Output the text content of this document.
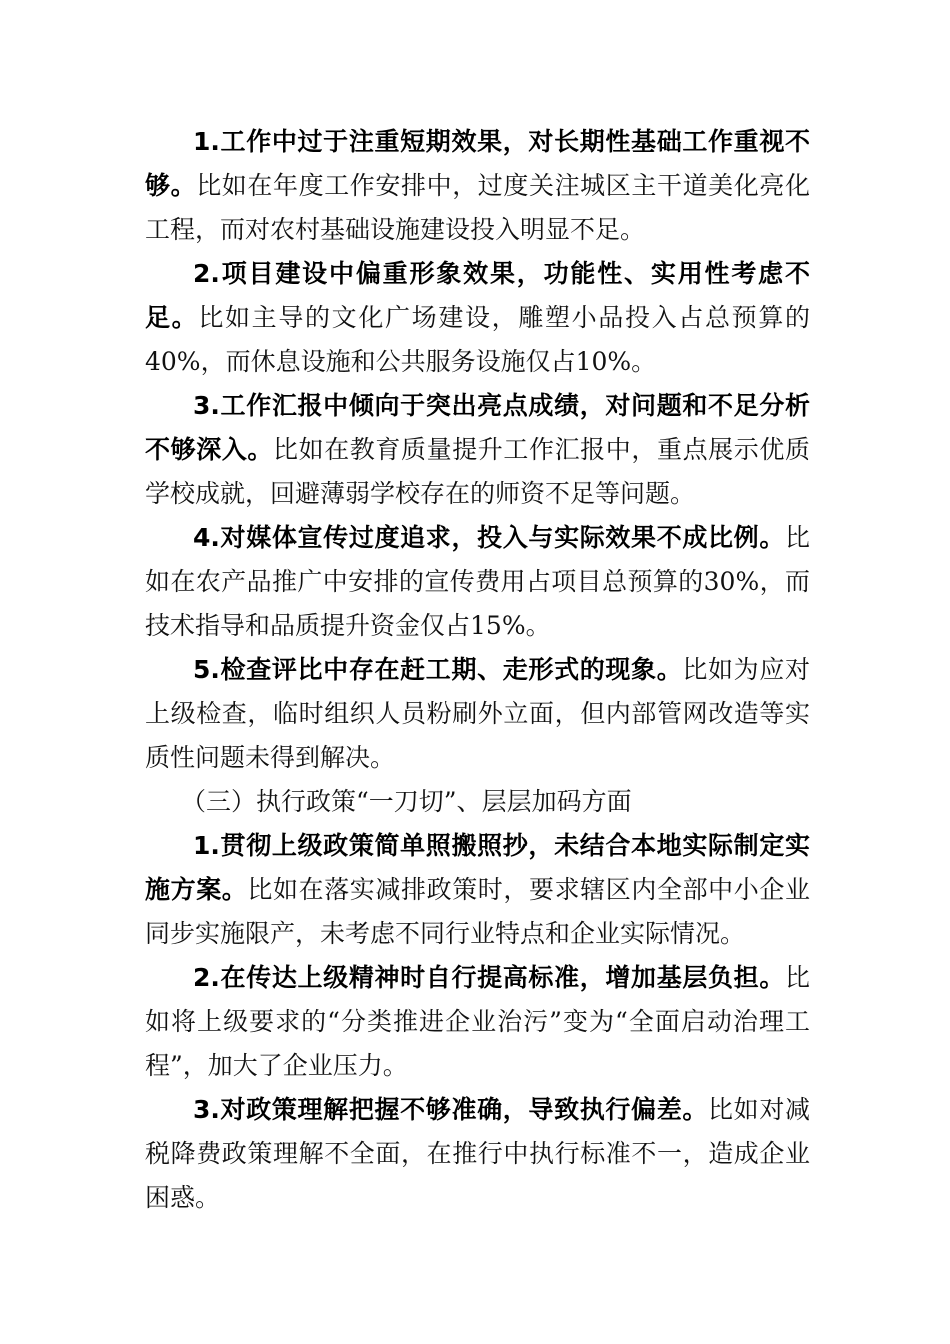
1.工作中过于注重短期效果，对长期性基础工作重视不够。比如在年度工作安排中，过度关注城区主干道美化亮化工程，而对农村基础设施建设投入明显不足。

2.项目建设中偏重形象效果，功能性、实用性考虑不足。比如主导的文化广场建设，雕塑小品投入占总预算的40%，而休息设施和公共服务设施仅占10%。

3.工作汇报中倾向于突出亮点成绩，对问题和不足分析不够深入。比如在教育质量提升工作汇报中，重点展示优质学校成就，回避薄弱学校存在的师资不足等问题。

4.对媒体宣传过度追求，投入与实际效果不成比例。比如在农产品推广中安排的宣传费用占项目总预算的30%，而技术指导和品质提升资金仅占15%。

5.检查评比中存在赶工期、走形式的现象。比如为应对上级检查，临时组织人员粉刷外立面，但内部管网改造等实质性问题未得到解决。

（三）执行政策“一刀切”、层层加码方面

1.贯彻上级政策简单照搬照抄，未结合本地实际制定实施方案。比如在落实减排政策时，要求辖区内全部中小企业同步实施限产，未考虑不同行业特点和企业实际情况。

2.在传达上级精神时自行提高标准，增加基层负担。比如将上级要求的“分类推进企业治污”变为“全面启动治理工程”，加大了企业压力。

3.对政策理解把握不够准确，导致执行偏差。比如对减税降费政策理解不全面，在推行中执行标准不一，造成企业困惑。
